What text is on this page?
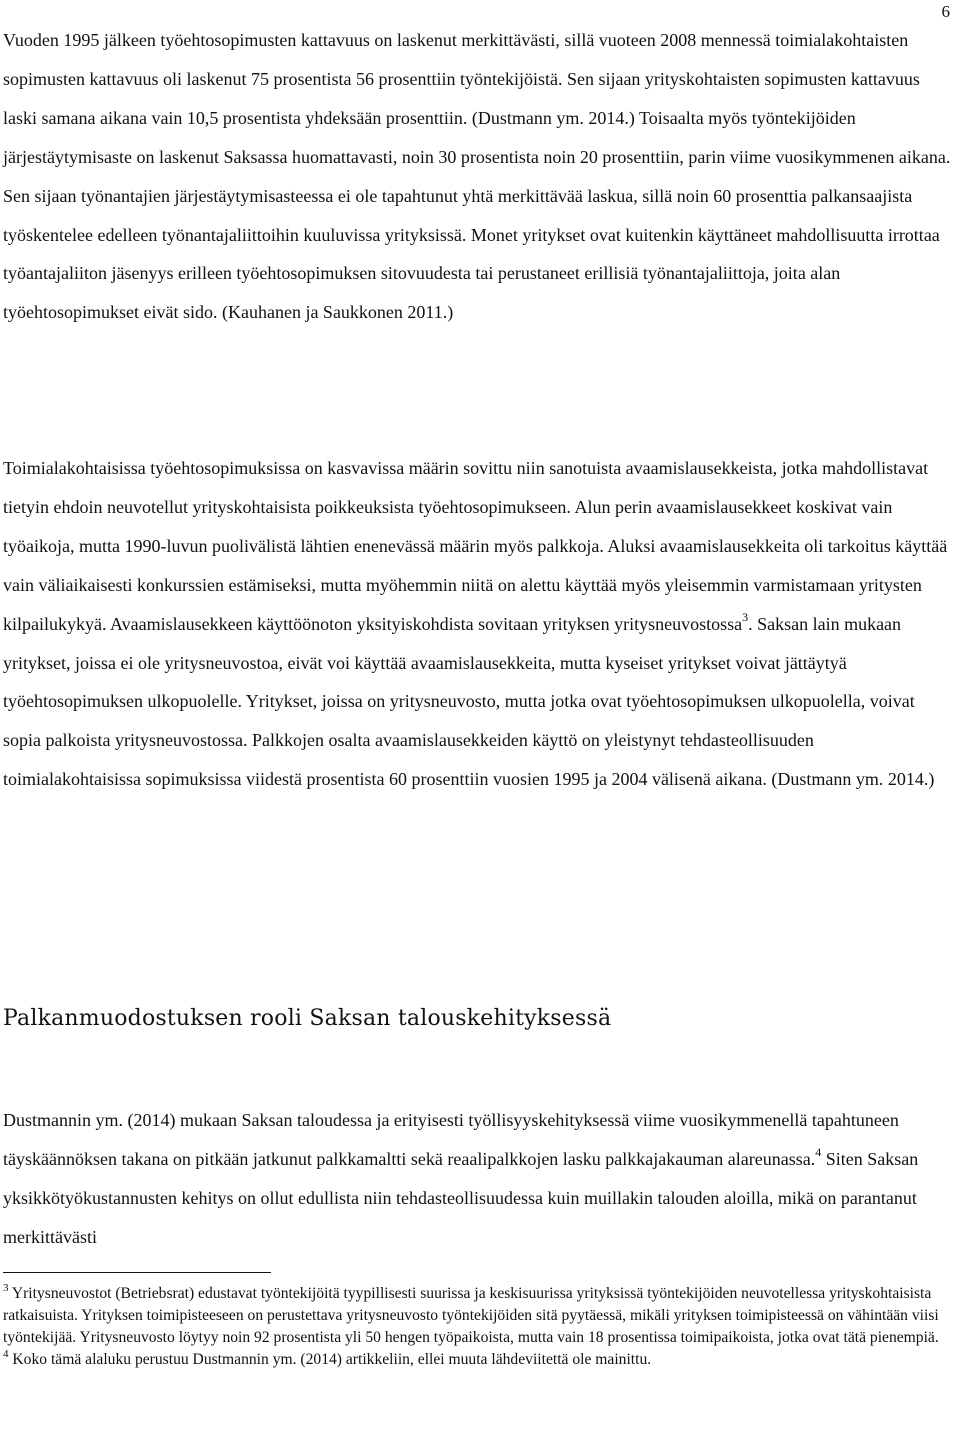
6

Vuoden 1995 jälkeen työehtosopimusten kattavuus on laskenut merkittävästi, sillä vuoteen 2008 mennessä toimialakohtaisten sopimusten kattavuus oli laskenut 75 prosentista 56 prosenttiin työntekijöistä. Sen sijaan yrityskohtaisten sopimusten kattavuus laski samana aikana vain 10,5 prosentista yhdeksään prosenttiin. (Dustmann ym. 2014.) Toisaalta myös työntekijöiden järjestäytymisaste on laskenut Saksassa huomattavasti, noin 30 prosentista noin 20 prosenttiin, parin viime vuosikymmenen aikana. Sen sijaan työnantajien järjestäytymisasteessa ei ole tapahtunut yhtä merkittävää laskua, sillä noin 60 prosenttia palkansaajista työskentelee edelleen työnantajaliittoihin kuuluvissa yrityksissä. Monet yritykset ovat kuitenkin käyttäneet mahdollisuutta irrottaa työantajaliiton jäsenyys erilleen työehtosopimuksen sitovuudesta tai perustaneet erillisiä työnantajaliittoja, joita alan työehtosopimukset eivät sido. (Kauhanen ja Saukkonen 2011.)

Toimialakohtaisissa työehtosopimuksissa on kasvavissa määrin sovittu niin sanotuista avaamislausekkeista, jotka mahdollistavat tietyin ehdoin neuvotellut yrityskohtaisista poikkeuksista työehtosopimukseen. Alun perin avaamislausekkeet koskivat vain työaikoja, mutta 1990-luvun puolivälistä lähtien enenevässä määrin myös palkkoja. Aluksi avaamislausekkeita oli tarkoitus käyttää vain väliaikaisesti konkurssien estämiseksi, mutta myöhemmin niitä on alettu käyttää myös yleisemmin varmistamaan yritysten kilpailukykyä. Avaamislausekkeen käyttöönoton yksityiskohdista sovitaan yrityksen yritysneuvostossa$^3$. Saksan lain mukaan yritykset, joissa ei ole yritysneuvostoa, eivät voi käyttää avaamislausekkeita, mutta kyseiset yritykset voivat jättäytyä työehtosopimuksen ulkopuolelle. Yritykset, joissa on yritysneuvosto, mutta jotka ovat työehtosopimuksen ulkopuolella, voivat sopia palkoista yritysneuvostossa. Palkkojen osalta avaamislausekkeiden käyttö on yleistynyt tehdasteollisuuden toimialakohtaisissa sopimuksissa viidestä prosentista 60 prosenttiin vuosien 1995 ja 2004 välisenä aikana. (Dustmann ym. 2014.)

Palkanmuodostuksen rooli Saksan talouskehityksessä

Dustmannin ym. (2014) mukaan Saksan taloudessa ja erityisesti työllisyyskehityksessä viime vuosikymmenellä tapahtuneen täyskäännöksen takana on pitkään jatkunut palkkamaltti sekä reaalipalkkojen lasku palkkajakauman alareunassa.$^4$ Siten Saksan yksikkötyökustannusten kehitys on ollut edullista niin tehdasteollisuudessa kuin muillakin talouden aloilla, mikä on parantanut merkittävästi

$^3$ Yritysneuvostot (Betriebsrat) edustavat työntekijöitä tyypillisesti suurissa ja keskisuurissa yrityksissä työntekijöiden neuvotellessa yrityskohtaisista ratkaisuista. Yrityksen toimipisteeseen on perustettava yritysneuvosto työntekijöiden sitä pyytäessä, mikäli yrityksen toimipisteessä on vähintään viisi työntekijää. Yritysneuvosto löytyy noin 92 prosentista yli 50 hengen työpaikoista, mutta vain 18 prosentissa toimipaikoista, jotka ovat tätä pienempiä.

$^4$ Koko tämä alaluku perustuu Dustmannin ym. (2014) artikkeliin, ellei muuta lähdeviitettä ole mainittu.
